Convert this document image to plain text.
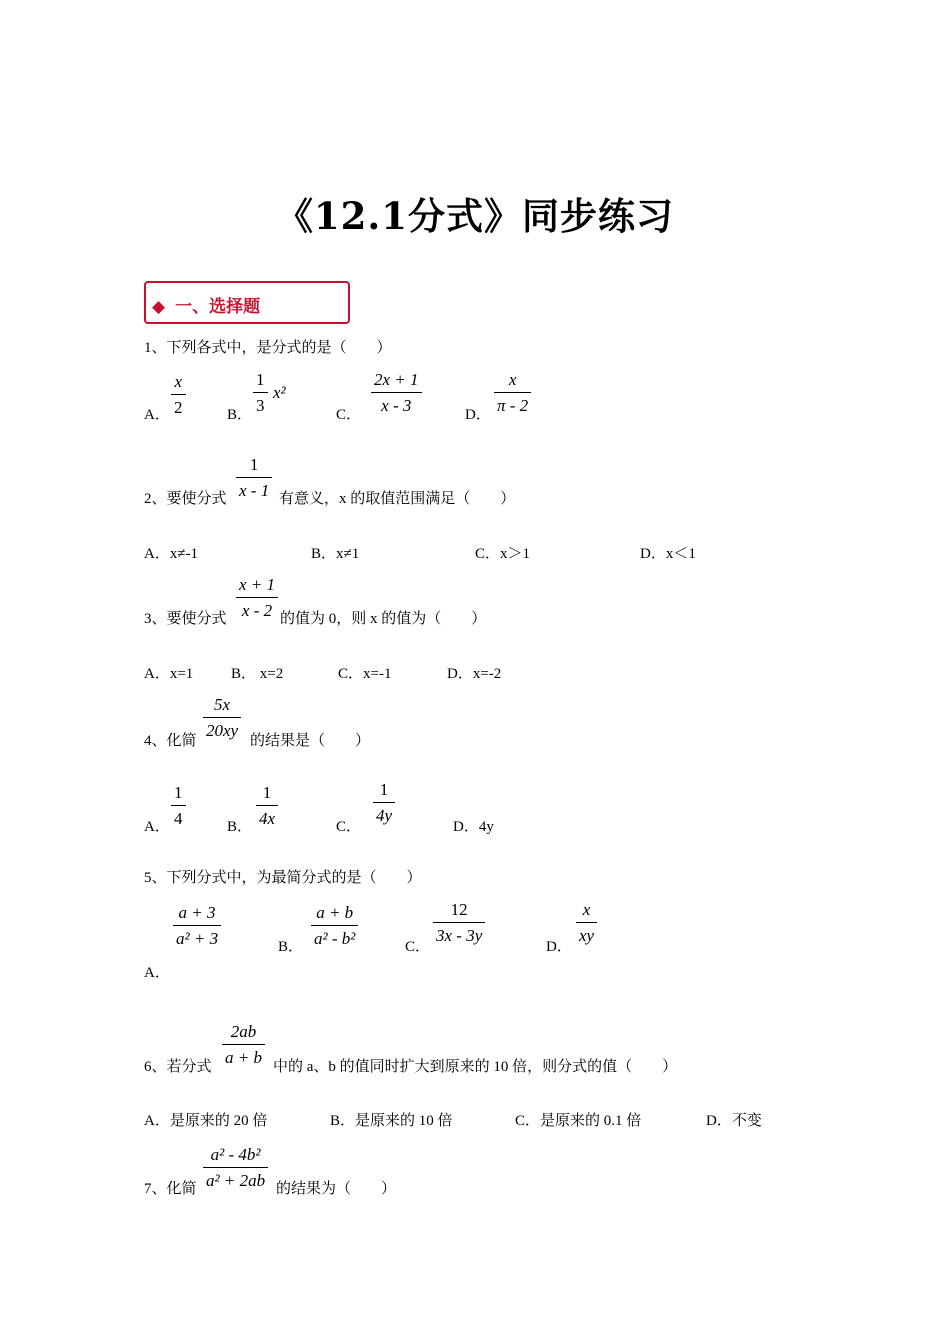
《12.1分式》同步练习
◆ 一、选择题
1、下列各式中，是分式的是（　　）
A．
x
2	B．
1
3
x²
C．
2x + 1
x - 3	D．
x
π - 2
2、要使分式
1
x - 1 有意义，x 的取值范围满足（　　）
A．x≠-1	B．x≠1	C．x＞1	D．x＜1
3、要使分式
x + 1
x - 2 的值为 0，则 x 的值为（　　）
A．x=1	B． x=2	C．x=-1	D．x=-2
4、化简
5x
20xy
的结果是（　　）
A．
1
4	B．
1
4x	C．
1
4y
D．4y
5、下列分式中，为最简分式的是（　　）
a + 3
a² + 3
A．
B．
a + b
a² - b²	C．
12
3x - 3y
D．
x
xy
6、若分式
2ab
a + b 中的 a、b 的值同时扩大到原来的 10 倍，则分式的值（　　）
A．是原来的 20 倍	B．是原来的 10 倍	C．是原来的 0.1 倍	D．不变
7、化简
a² - 4b²
a² + 2ab 的结果为（　　）
